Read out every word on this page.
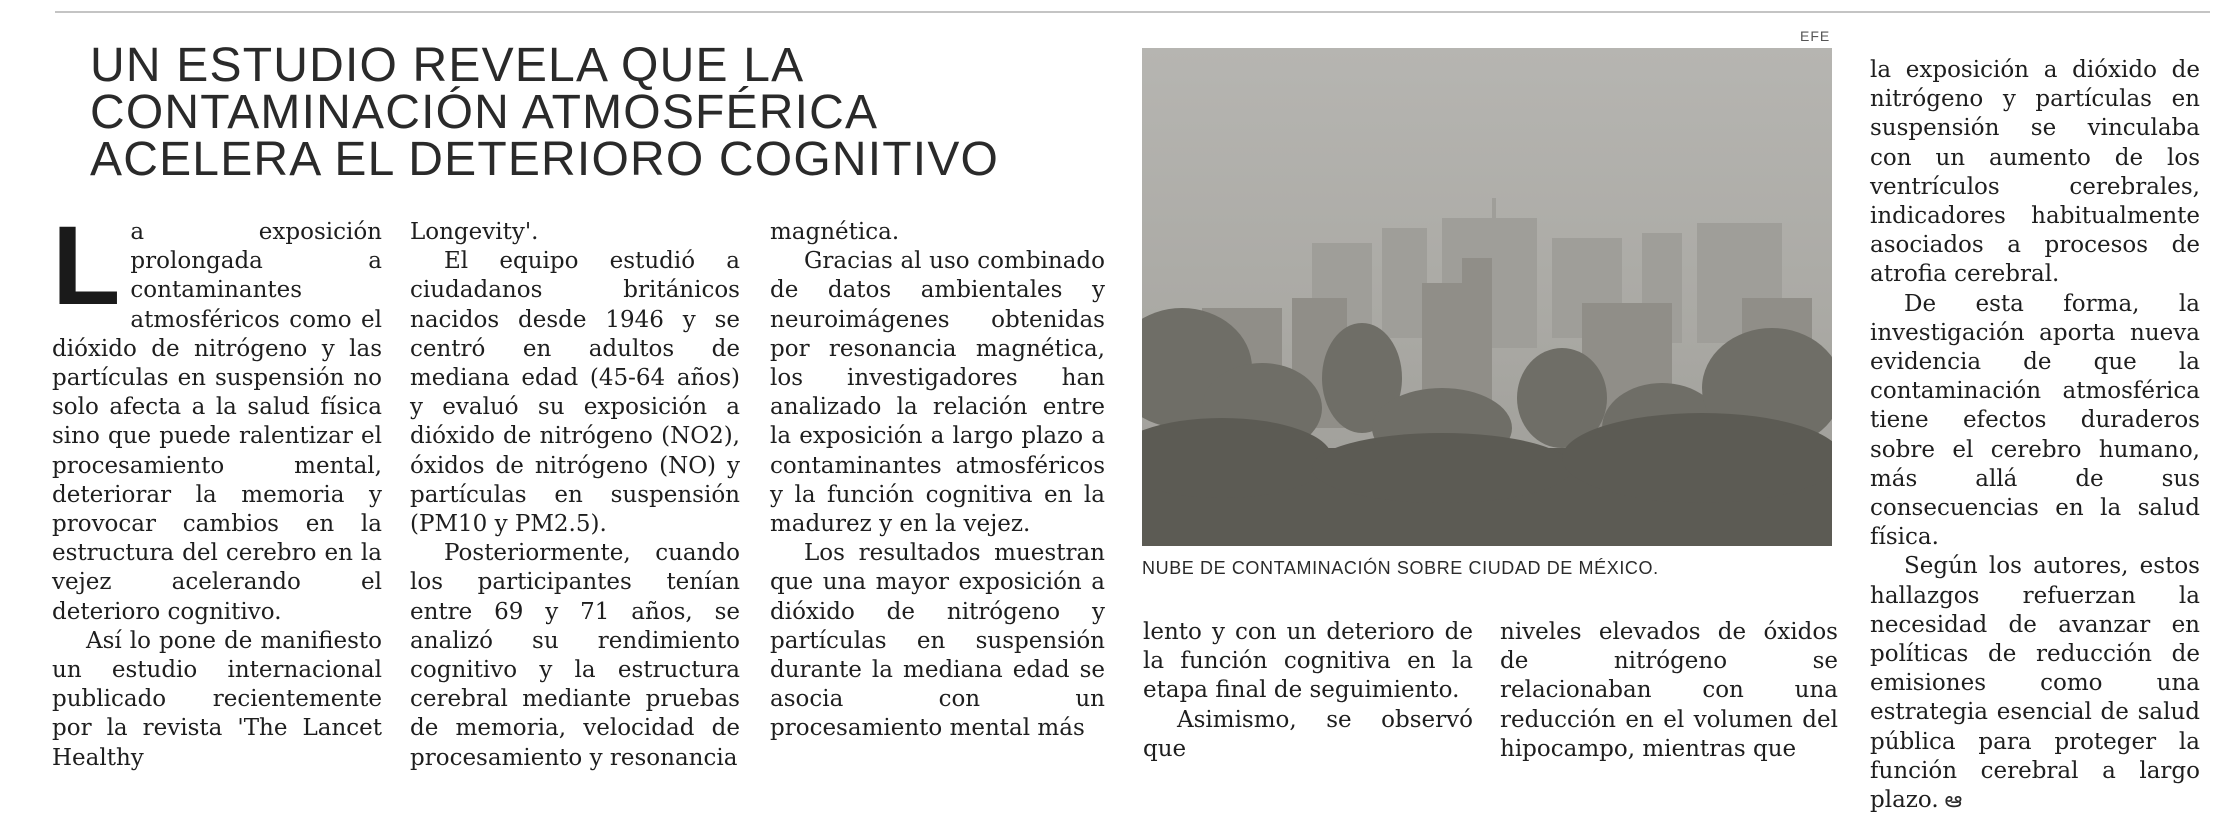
UN ESTUDIO REVELA QUE LA CONTAMINACIÓN ATMOSFÉRICA ACELERA EL DETERIORO COGNITIVO

La exposición prolongada a contaminantes atmosféricos como el dióxido de nitrógeno y las partículas en suspensión no solo afecta a la salud física sino que puede ralentizar el procesamiento mental, deteriorar la memoria y provocar cambios en la estructura del cerebro en la vejez acelerando el deterioro cognitivo.

Así lo pone de manifiesto un estudio internacional publicado recientemente por la revista 'The Lancet Healthy

Longevity'.

El equipo estudió a ciudadanos británicos nacidos desde 1946 y se centró en adultos de mediana edad (45-64 años) y evaluó su exposición a dióxido de nitrógeno (NO2), óxidos de nitrógeno (NO) y partículas en suspensión (PM10 y PM2.5).

Posteriormente, cuando los participantes tenían entre 69 y 71 años, se analizó su rendimiento cognitivo y la estructura cerebral mediante pruebas de memoria, velocidad de procesamiento y resonancia

magnética.

Gracias al uso combinado de datos ambientales y neuroimágenes obtenidas por resonancia magnética, los investigadores han analizado la relación entre la exposición a largo plazo a contaminantes atmosféricos y la función cognitiva en la madurez y en la vejez.

Los resultados muestran que una mayor exposición a dióxido de nitrógeno y partículas en suspensión durante la mediana edad se asocia con un procesamiento mental más

EFE
NUBE DE CONTAMINACIÓN SOBRE CIUDAD DE MÉXICO.

lento y con un deterioro de la función cognitiva en la etapa final de seguimiento.

Asimismo, se observó que

niveles elevados de óxidos de nitrógeno se relacionaban con una reducción en el volumen del hipocampo, mientras que

la exposición a dióxido de nitrógeno y partículas en suspensión se vinculaba con un aumento de los ventrículos cerebrales, indicadores habitualmente asociados a procesos de atrofia cerebral.

De esta forma, la investigación aporta nueva evidencia de que la contaminación atmosférica tiene efectos duraderos sobre el cerebro humano, más allá de sus consecuencias en la salud física.

Según los autores, estos hallazgos refuerzan la necesidad de avanzar en políticas de reducción de emisiones como una estrategia esencial de salud pública para proteger la función cerebral a largo plazo. ఆ
